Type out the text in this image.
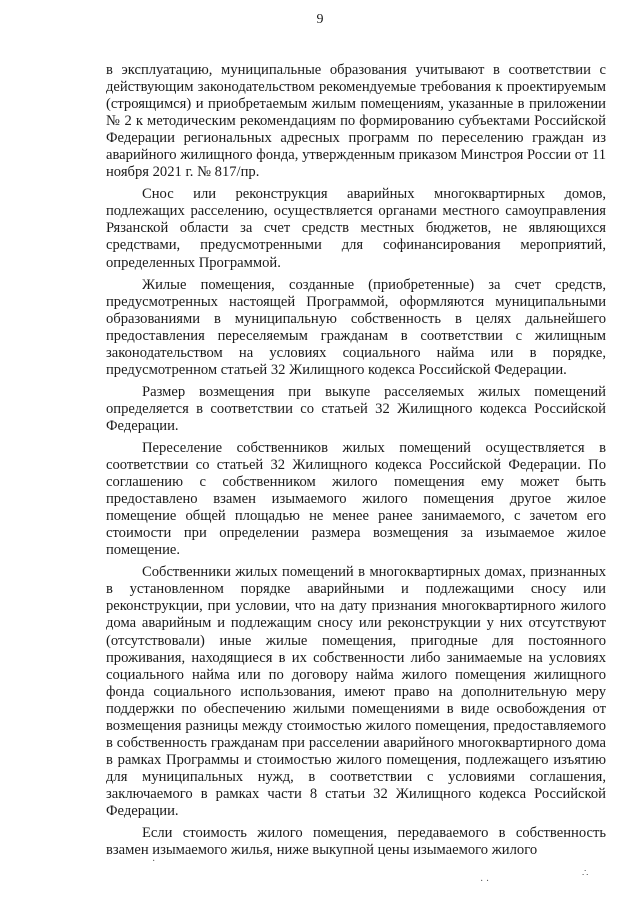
9

в эксплуатацию, муниципальные образования учитывают в соответствии с действующим законодательством рекомендуемые требования к проектируемым (строящимся) и приобретаемым жилым помещениям, указанные в приложении № 2 к методическим рекомендациям по формированию субъектами Российской Федерации региональных адресных программ по переселению граждан из аварийного жилищного фонда, утвержденным приказом Минстроя России от 11 ноября 2021 г. № 817/пр.

Снос или реконструкция аварийных многоквартирных домов, подлежащих расселению, осуществляется органами местного самоуправления Рязанской области за счет средств местных бюджетов, не являющихся средствами, предусмотренными для софинансирования мероприятий, определенных Программой.

Жилые помещения, созданные (приобретенные) за счет средств, предусмотренных настоящей Программой, оформляются муниципальными образованиями в муниципальную собственность в целях дальнейшего предоставления переселяемым гражданам в соответствии с жилищным законодательством на условиях социального найма или в порядке, предусмотренном статьей 32 Жилищного кодекса Российской Федерации.

Размер возмещения при выкупе расселяемых жилых помещений определяется в соответствии со статьей 32 Жилищного кодекса Российской Федерации.

Переселение собственников жилых помещений осуществляется в соответствии со статьей 32 Жилищного кодекса Российской Федерации. По соглашению с собственником жилого помещения ему может быть предоставлено взамен изымаемого жилого помещения другое жилое помещение общей площадью не менее ранее занимаемого, с зачетом его стоимости при определении размера возмещения за изымаемое жилое помещение.

Собственники жилых помещений в многоквартирных домах, признанных в установленном порядке аварийными и подлежащими сносу или реконструкции, при условии, что на дату признания многоквартирного жилого дома аварийным и подлежащим сносу или реконструкции у них отсутствуют (отсутствовали) иные жилые помещения, пригодные для постоянного проживания, находящиеся в их собственности либо занимаемые на условиях социального найма или по договору найма жилого помещения жилищного фонда социального использования, имеют право на дополнительную меру поддержки по обеспечению жилыми помещениями в виде освобождения от возмещения разницы между стоимостью жилого помещения, предоставляемого в собственность гражданам при расселении аварийного многоквартирного дома в рамках Программы и стоимостью жилого помещения, подлежащего изъятию для муниципальных нужд, в соответствии с условиями соглашения, заключаемого в рамках части 8 статьи 32 Жилищного кодекса Российской Федерации.

Если стоимость жилого помещения, передаваемого в собственность взамен изымаемого жилья, ниже выкупной цены изымаемого жилого

·
· ·
∴
